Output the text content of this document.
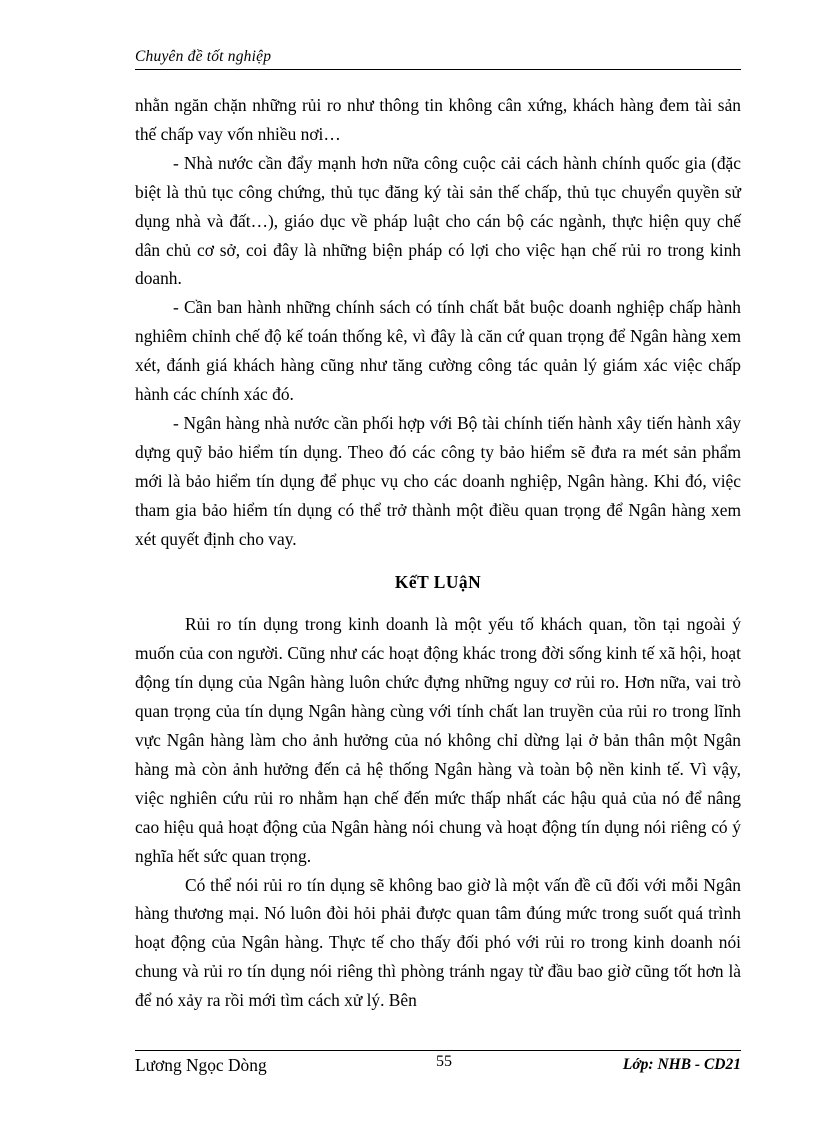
Chuyên đề tốt nghiệp

nhằn ngăn chặn những rủi ro như thông tin không cân xứng, khách hàng đem tài sản thế chấp vay vốn nhiều nơi…

- Nhà nước cần đẩy mạnh hơn nữa công cuộc cải cách hành chính quốc gia (đặc biệt là thủ tục công chứng, thủ tục đăng ký tài sản thế chấp, thủ tục chuyển quyền sử dụng nhà và đất…), giáo dục về pháp luật cho cán bộ các ngành, thực hiện quy chế dân chủ cơ sở, coi đây là những biện pháp có lợi cho việc hạn chế rủi ro trong kinh doanh.

- Cần ban hành những chính sách có tính chất bắt buộc doanh nghiệp chấp hành nghiêm chỉnh chế độ kế toán thống kê, vì đây là căn cứ quan trọng để Ngân hàng xem xét, đánh giá khách hàng cũng như tăng cường công tác quản lý giám xác việc chấp hành các chính xác đó.

- Ngân hàng nhà nước cần phối hợp với Bộ tài chính tiến hành xây tiến hành xây dựng quỹ bảo hiểm tín dụng. Theo đó các công ty bảo hiểm sẽ đưa ra mét sản phẩm mới là bảo hiểm tín dụng để phục vụ cho các doanh nghiệp, Ngân hàng. Khi đó, việc tham gia bảo hiểm tín dụng có thể trở thành một điều quan trọng để Ngân hàng xem xét quyết định cho vay.

KếT LUậN

Rủi ro tín dụng trong kinh doanh là một yếu tố khách quan, tồn tại ngoài ý muốn của con người. Cũng như các hoạt động khác trong đời sống kinh tế xã hội, hoạt động tín dụng của Ngân hàng luôn chức đựng những nguy cơ rủi ro. Hơn nữa, vai trò quan trọng của tín dụng Ngân hàng cùng với tính chất lan truyền của rủi ro trong lĩnh vực Ngân hàng làm cho ảnh hưởng của nó không chỉ dừng lại ở bản thân một Ngân hàng mà còn ảnh hưởng đến cả hệ thống Ngân hàng và toàn bộ nền kinh tế. Vì vậy, việc nghiên cứu rủi ro nhằm hạn chế đến mức thấp nhất các hậu quả của nó để nâng cao hiệu quả hoạt động của Ngân hàng nói chung và hoạt động tín dụng nói riêng có ý nghĩa hết sức quan trọng.

Có thể nói rủi ro tín dụng sẽ không bao giờ là một vấn đề cũ đối với mỗi Ngân hàng thương mại. Nó luôn đòi hỏi phải được quan tâm đúng mức trong suốt quá trình hoạt động của Ngân hàng. Thực tế cho thấy đối phó với rủi ro trong kinh doanh nói chung và rủi ro tín dụng nói riêng thì phòng tránh ngay từ đầu bao giờ cũng tốt hơn là để nó xảy ra rồi mới tìm cách xử lý. Bên

Lương Ngọc Dòng	55	Lớp: NHB - CD21
